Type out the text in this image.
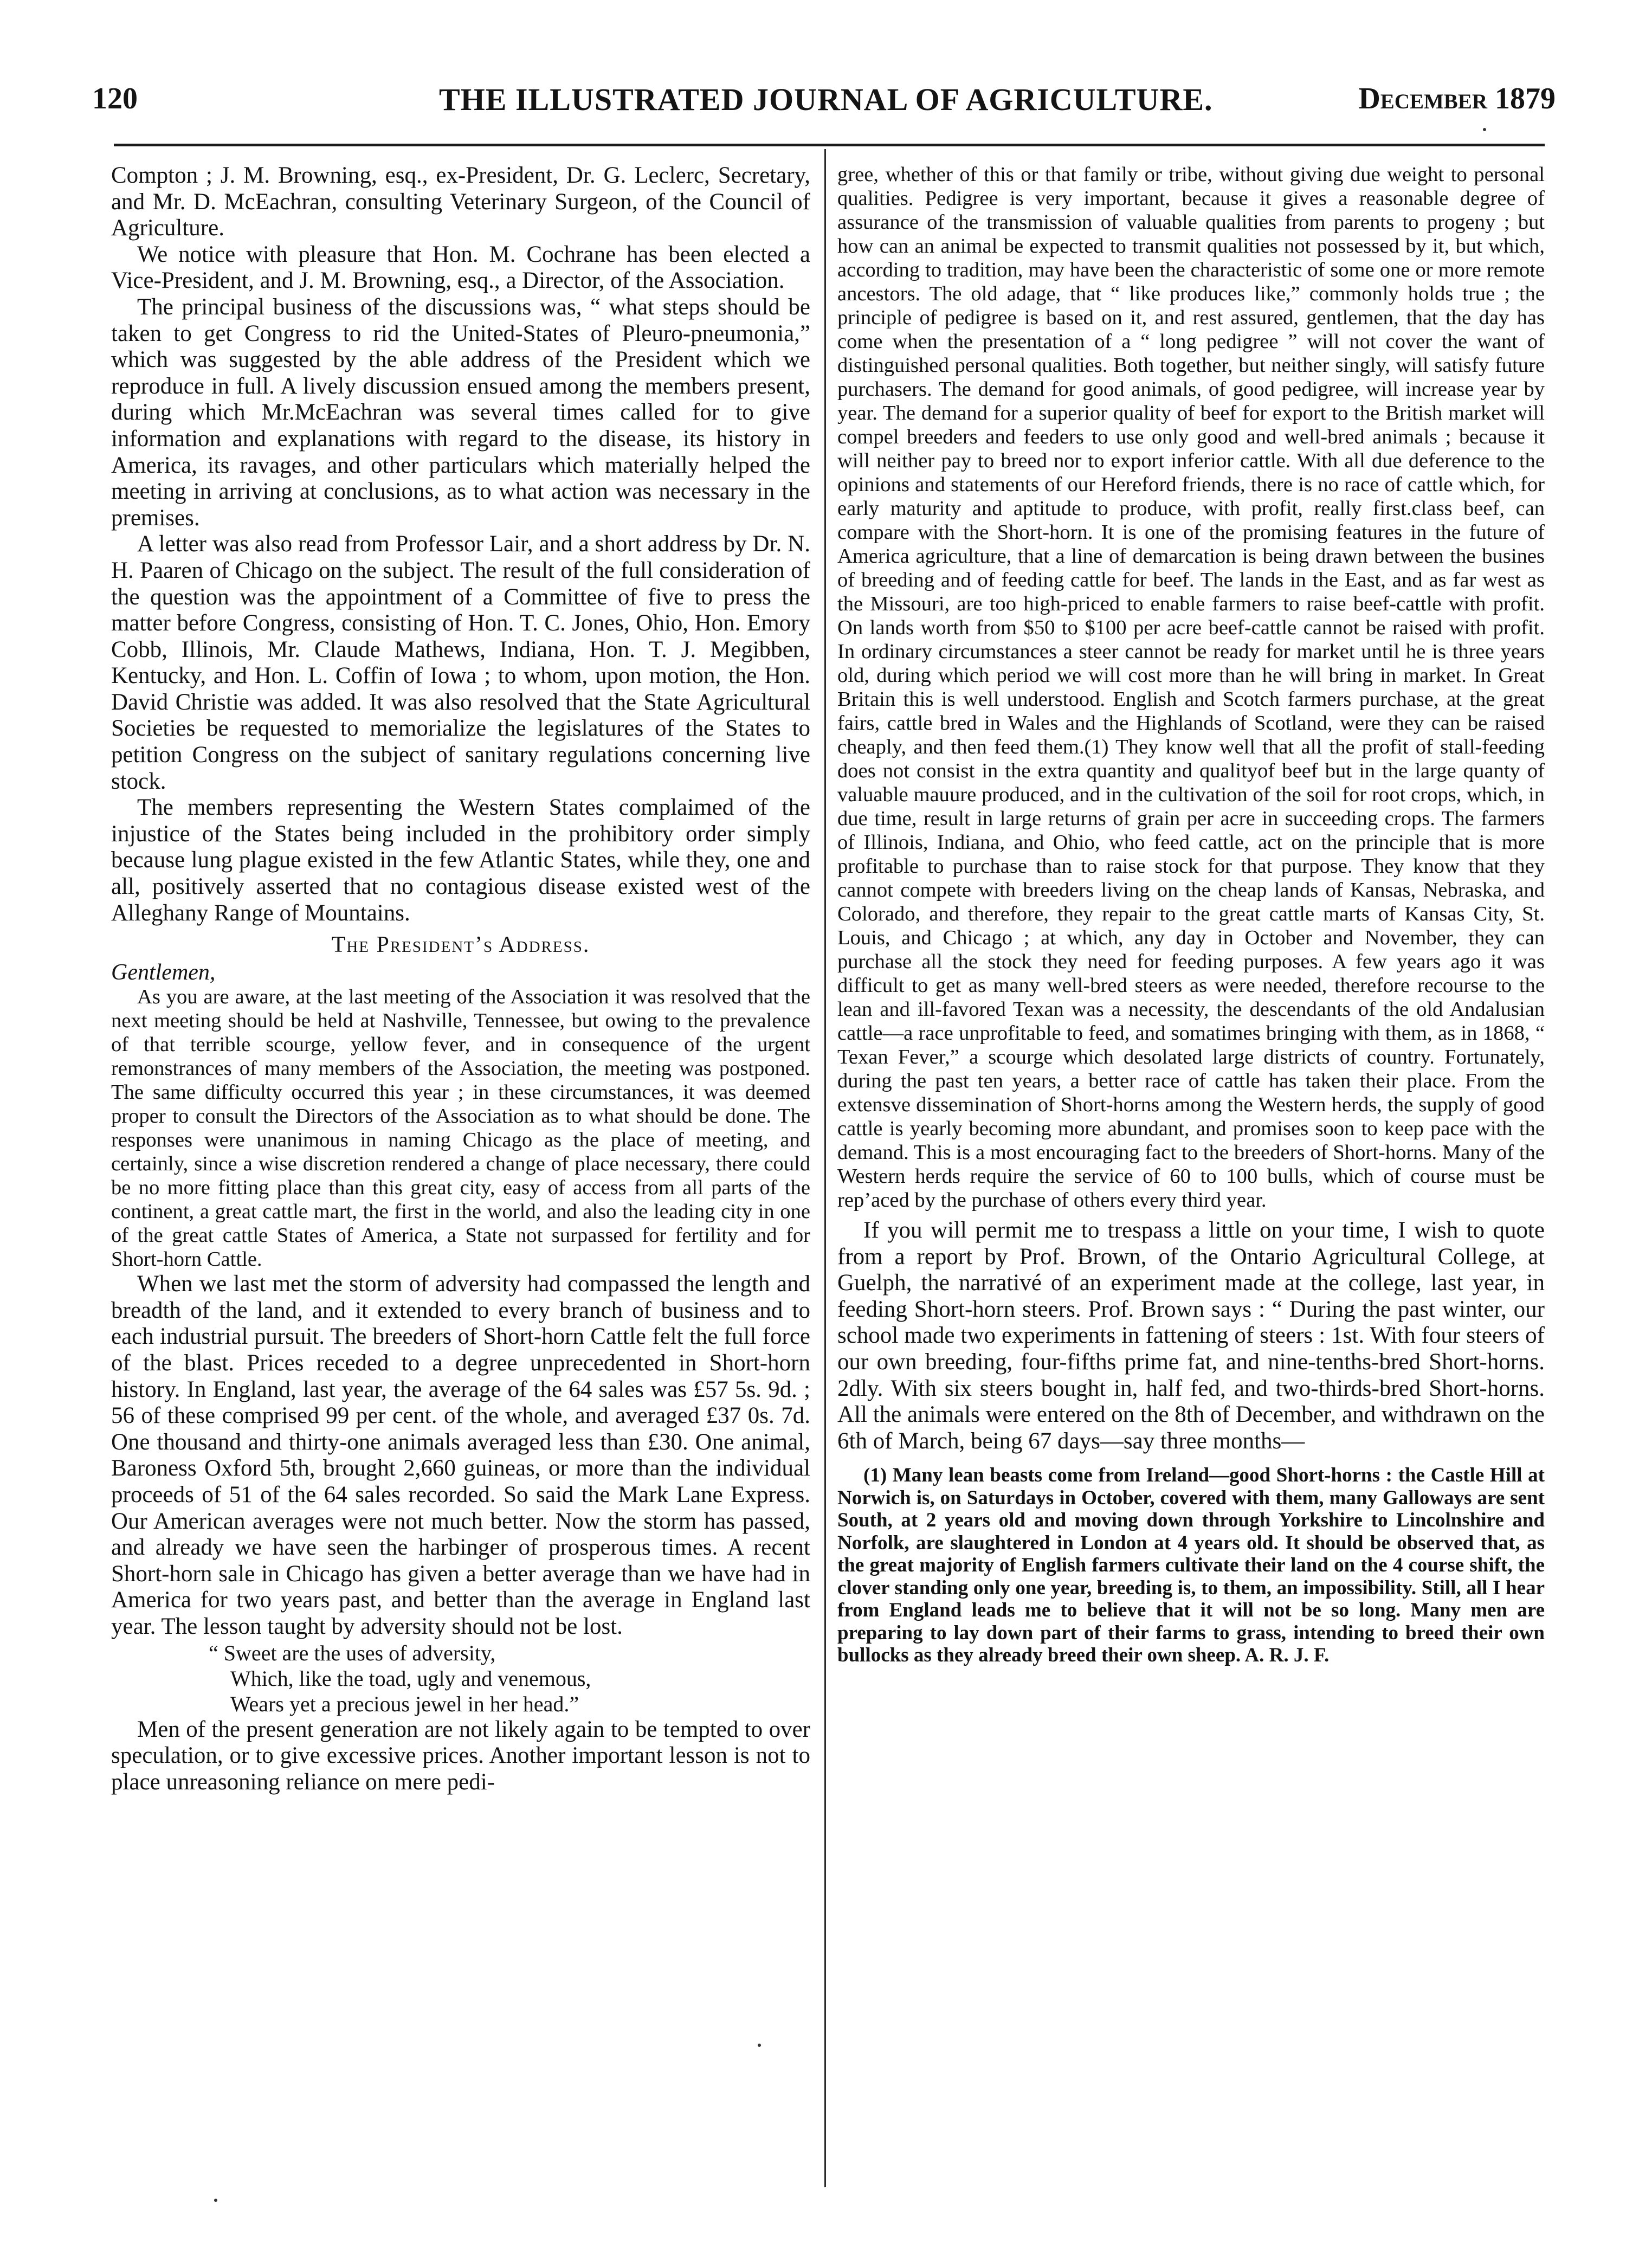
120	THE ILLUSTRATED JOURNAL OF AGRICULTURE.	December 1879

Compton ; J. M. Browning, esq., ex-President, Dr. G. Leclerc, Secretary, and Mr. D. McEachran, consulting Veterinary Surgeon, of the Council of Agriculture.

We notice with pleasure that Hon. M. Cochrane has been elected a Vice-President, and J. M. Browning, esq., a Director, of the Association.

The principal business of the discussions was, “ what steps should be taken to get Congress to rid the United-States of Pleuro-pneumonia,” which was suggested by the able address of the President which we reproduce in full. A lively discussion ensued among the members present, during which Mr.McEachran was several times called for to give information and explanations with regard to the disease, its history in America, its ravages, and other particulars which materially helped the meeting in arriving at conclusions, as to what action was necessary in the premises.

A letter was also read from Professor Lair, and a short address by Dr. N. H. Paaren of Chicago on the subject. The result of the full consideration of the question was the appointment of a Committee of five to press the matter before Congress, consisting of Hon. T. C. Jones, Ohio, Hon. Emory Cobb, Illinois, Mr. Claude Mathews, Indiana, Hon. T. J. Megibben, Kentucky, and Hon. L. Coffin of Iowa ; to whom, upon motion, the Hon. David Christie was added. It was also resolved that the State Agricultural Societies be requested to memorialize the legislatures of the States to petition Congress on the subject of sanitary regulations concerning live stock.

The members representing the Western States complaimed of the injustice of the States being included in the prohibitory order simply because lung plague existed in the few Atlantic States, while they, one and all, positively asserted that no contagious disease existed west of the Alleghany Range of Mountains.

The President’s Address.

Gentlemen,

As you are aware, at the last meeting of the Association it was resolved that the next meeting should be held at Nashville, Tennessee, but owing to the prevalence of that terrible scourge, yellow fever, and in consequence of the urgent remonstrances of many members of the Association, the meeting was postponed. The same difficulty occurred this year ; in these circumstances, it was deemed proper to consult the Directors of the Association as to what should be done. The responses were unanimous in naming Chicago as the place of meeting, and certainly, since a wise discretion rendered a change of place necessary, there could be no more fitting place than this great city, easy of access from all parts of the continent, a great cattle mart, the first in the world, and also the leading city in one of the great cattle States of America, a State not surpassed for fertility and for Short-horn Cattle.

When we last met the storm of adversity had compassed the length and breadth of the land, and it extended to every branch of business and to each industrial pursuit. The breeders of Short-horn Cattle felt the full force of the blast. Prices receded to a degree unprecedented in Short-horn history. In England, last year, the average of the 64 sales was £57 5s. 9d. ; 56 of these comprised 99 per cent. of the whole, and averaged £37 0s. 7d. One thousand and thirty-one animals averaged less than £30. One animal, Baroness Oxford 5th, brought 2,660 guineas, or more than the individual proceeds of 51 of the 64 sales recorded. So said the Mark Lane Express. Our American averages were not much better. Now the storm has passed, and already we have seen the harbinger of prosperous times. A recent Short-horn sale in Chicago has given a better average than we have had in America for two years past, and better than the average in England last year. The lesson taught by adversity should not be lost.

“ Sweet are the uses of adversity,
Which, like the toad, ugly and venemous,
Wears yet a precious jewel in her head.”

Men of the present generation are not likely again to be tempted to over speculation, or to give excessive prices. Another important lesson is not to place unreasoning reliance on mere pedi-

gree, whether of this or that family or tribe, without giving due weight to personal qualities. Pedigree is very important, because it gives a reasonable degree of assurance of the transmission of valuable qualities from parents to progeny ; but how can an animal be expected to transmit qualities not possessed by it, but which, according to tradition, may have been the characteristic of some one or more remote ancestors. The old adage, that “ like produces like,” commonly holds true ; the principle of pedigree is based on it, and rest assured, gentlemen, that the day has come when the presentation of a “ long pedigree ” will not cover the want of distinguished personal qualities. Both together, but neither singly, will satisfy future purchasers. The demand for good animals, of good pedigree, will increase year by year. The demand for a superior quality of beef for export to the British market will compel breeders and feeders to use only good and well-bred animals ; because it will neither pay to breed nor to export inferior cattle. With all due deference to the opinions and statements of our Hereford friends, there is no race of cattle which, for early maturity and aptitude to produce, with profit, really first.class beef, can compare with the Short-horn. It is one of the promising features in the future of America agriculture, that a line of demarcation is being drawn between the busines of breeding and of feeding cattle for beef. The lands in the East, and as far west as the Missouri, are too high-priced to enable farmers to raise beef-cattle with profit. On lands worth from $50 to $100 per acre beef-cattle cannot be raised with profit. In ordinary circumstances a steer cannot be ready for market until he is three years old, during which period we will cost more than he will bring in market. In Great Britain this is well understood. English and Scotch farmers purchase, at the great fairs, cattle bred in Wales and the Highlands of Scotland, were they can be raised cheaply, and then feed them.(1) They know well that all the profit of stall-feeding does not consist in the extra quantity and qualityof beef but in the large quanty of valuable mauure produced, and in the cultivation of the soil for root crops, which, in due time, result in large returns of grain per acre in succeeding crops. The farmers of Illinois, Indiana, and Ohio, who feed cattle, act on the principle that is more profitable to purchase than to raise stock for that purpose. They know that they cannot compete with breeders living on the cheap lands of Kansas, Nebraska, and Colorado, and therefore, they repair to the great cattle marts of Kansas City, St. Louis, and Chicago ; at which, any day in October and November, they can purchase all the stock they need for feeding purposes. A few years ago it was difficult to get as many well-bred steers as were needed, therefore recourse to the lean and ill-favored Texan was a necessity, the descendants of the old Andalusian cattle—a race unprofitable to feed, and somatimes bringing with them, as in 1868, “ Texan Fever,” a scourge which desolated large districts of country. Fortunately, during the past ten years, a better race of cattle has taken their place. From the extensve dissemination of Short-horns among the Western herds, the supply of good cattle is yearly becoming more abundant, and promises soon to keep pace with the demand. This is a most encouraging fact to the breeders of Short-horns. Many of the Western herds require the service of 60 to 100 bulls, which of course must be rep’aced by the purchase of others every third year.

If you will permit me to trespass a little on your time, I wish to quote from a report by Prof. Brown, of the Ontario Agricultural College, at Guelph, the narrativé of an experiment made at the college, last year, in feeding Short-horn steers. Prof. Brown says : “ During the past winter, our school made two experiments in fattening of steers : 1st. With four steers of our own breeding, four-fifths prime fat, and nine-tenths-bred Short-horns. 2dly. With six steers bought in, half fed, and two-thirds-bred Short-horns. All the animals were entered on the 8th of December, and withdrawn on the 6th of March, being 67 days—say three months—

(1) Many lean beasts come from Ireland—good Short-horns : the Castle Hill at Norwich is, on Saturdays in October, covered with them, many Galloways are sent South, at 2 years old and moving down through Yorkshire to Lincolnshire and Norfolk, are slaughtered in London at 4 years old. It should be observed that, as the great majority of English farmers cultivate their land on the 4 course shift, the clover standing only one year, breeding is, to them, an impossibility. Still, all I hear from England leads me to believe that it will not be so long. Many men are preparing to lay down part of their farms to grass, intending to breed their own bullocks as they already breed their own sheep. A. R. J. F.
